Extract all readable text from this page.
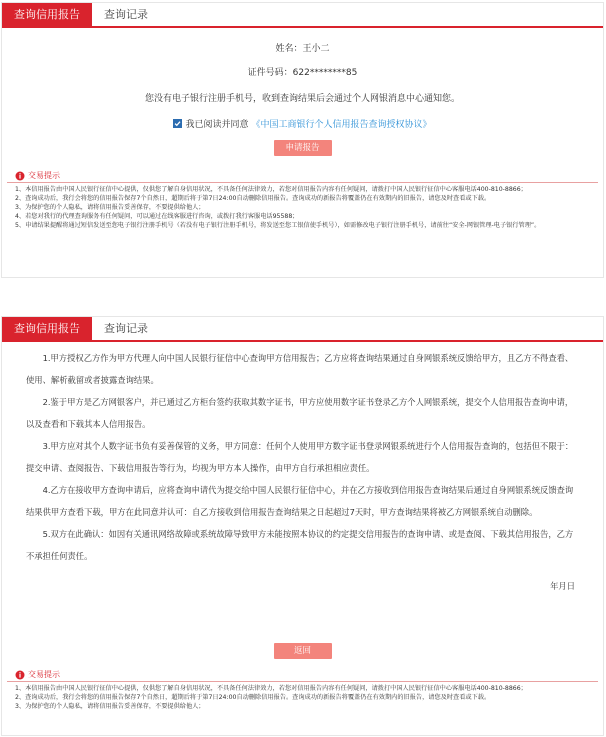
查询信用报告	查询记录
姓名：王小二
证件号码：622********85
您没有电子银行注册手机号，收到查询结果后会通过个人网银消息中心通知您。
我已阅读并同意 《中国工商银行个人信用报告查询授权协议》
申请报告
交易提示
1、本信用报告由中国人民银行征信中心提供，仅供您了解自身信用状况，不具备任何法律效力，若您对信用报告内容有任何疑问，请拨打中国人民银行征信中心客服电话400-810-8866；
2、查询成功后，我行会将您的信用报告保存7个自然日，超期后将于第7日24:00自动删除信用报告。查询成功的新报告将覆盖仍在有效期内的旧报告，请您及时查看或下载。
3、为保护您的个人隐私，请将信用报告妥善保存，不要提供给他人；
4、若您对我行的代理查询服务有任何疑问，可以通过在线客服进行咨询，或拨打我行客服电话95588；
5、申请结果提醒将通过短信发送至您电子银行注册手机号（若没有电子银行注册手机号，将发送至您工银信使手机号），如需修改电子银行注册手机号，请前往“安全-网银管理-电子银行管理”。
查询信用报告	查询记录

1.甲方授权乙方作为甲方代理人向中国人民银行征信中心查询甲方信用报告；乙方应将查询结果通过自身网银系统反馈给甲方，且乙方不得查看、使用、解析截留或者披露查询结果。

2.鉴于甲方是乙方网银客户，并已通过乙方柜台签约获取其数字证书，甲方应使用数字证书登录乙方个人网银系统，提交个人信用报告查询申请，以及查看和下载其本人信用报告。

3.甲方应对其个人数字证书负有妥善保管的义务，甲方同意：任何个人使用甲方数字证书登录网银系统进行个人信用报告查询的，包括但不限于：提交申请、查阅报告、下载信用报告等行为，均视为甲方本人操作，由甲方自行承担相应责任。

4.乙方在接收甲方查询申请后，应将查询申请代为提交给中国人民银行征信中心，并在乙方接收到信用报告查询结果后通过自身网银系统反馈查询结果供甲方查看下载，甲方在此同意并认可：自乙方接收到信用报告查询结果之日起超过7天时，甲方查询结果将被乙方网银系统自动删除。

5.双方在此确认：如因有关通讯网络故障或系统故障导致甲方未能按照本协议的约定提交信用报告的查询申请、或是查阅、下载其信用报告，乙方不承担任何责任。

年月日

返回
交易提示
1、本信用报告由中国人民银行征信中心提供，仅供您了解自身信用状况，不具备任何法律效力，若您对信用报告内容有任何疑问，请拨打中国人民银行征信中心客服电话400-810-8866；
2、查询成功后，我行会将您的信用报告保存7个自然日，超期后将于第7日24:00自动删除信用报告。查询成功的新报告将覆盖仍在有效期内的旧报告，请您及时查看或下载。
3、为保护您的个人隐私，请将信用报告妥善保存，不要提供给他人；
